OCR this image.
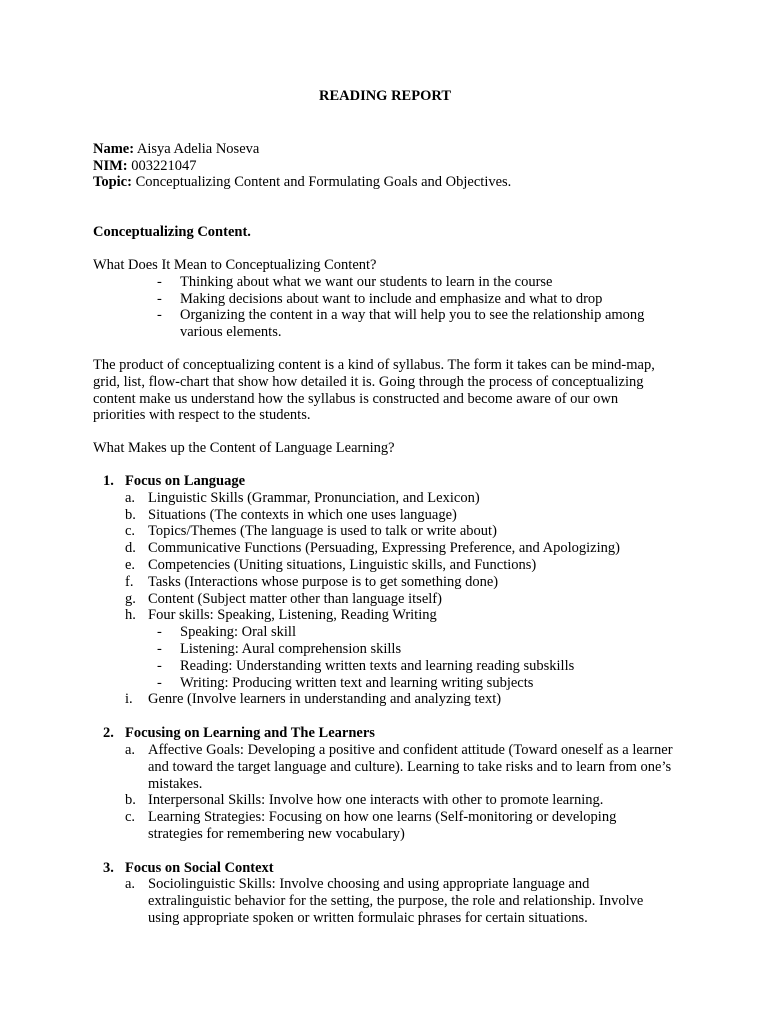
READING REPORT

Name: Aisya Adelia Noseva

NIM: 003221047

Topic: Conceptualizing Content and Formulating Goals and Objectives.

Conceptualizing Content.

What Does It Mean to Conceptualizing Content?

- Thinking about what we want our students to learn in the course
- Making decisions about want to include and emphasize and what to drop
- Organizing the content in a way that will help you to see the relationship among various elements.

The product of conceptualizing content is a kind of syllabus. The form it takes can be mind-map, grid, list, flow-chart that show how detailed it is. Going through the process of conceptualizing content make us understand how the syllabus is constructed and become aware of our own priorities with respect to the students.

What Makes up the Content of Language Learning?

1. Focus on Language
a. Linguistic Skills (Grammar, Pronunciation, and Lexicon)
b. Situations (The contexts in which one uses language)
c. Topics/Themes (The language is used to talk or write about)
d. Communicative Functions (Persuading, Expressing Preference, and Apologizing)
e. Competencies (Uniting situations, Linguistic skills, and Functions)
f. Tasks (Interactions whose purpose is to get something done)
g. Content (Subject matter other than language itself)
h. Four skills: Speaking, Listening, Reading Writing
- Speaking: Oral skill
- Listening: Aural comprehension skills
- Reading: Understanding written texts and learning reading subskills
- Writing: Producing written text and learning writing subjects
i. Genre (Involve learners in understanding and analyzing text)
2. Focusing on Learning and The Learners
a. Affective Goals: Developing a positive and confident attitude (Toward oneself as a learner and toward the target language and culture). Learning to take risks and to learn from one’s mistakes.
b. Interpersonal Skills: Involve how one interacts with other to promote learning.
c. Learning Strategies: Focusing on how one learns (Self-monitoring or developing strategies for remembering new vocabulary)
3. Focus on Social Context
a. Sociolinguistic Skills: Involve choosing and using appropriate language and extralinguistic behavior for the setting, the purpose, the role and relationship. Involve using appropriate spoken or written formulaic phrases for certain situations.
